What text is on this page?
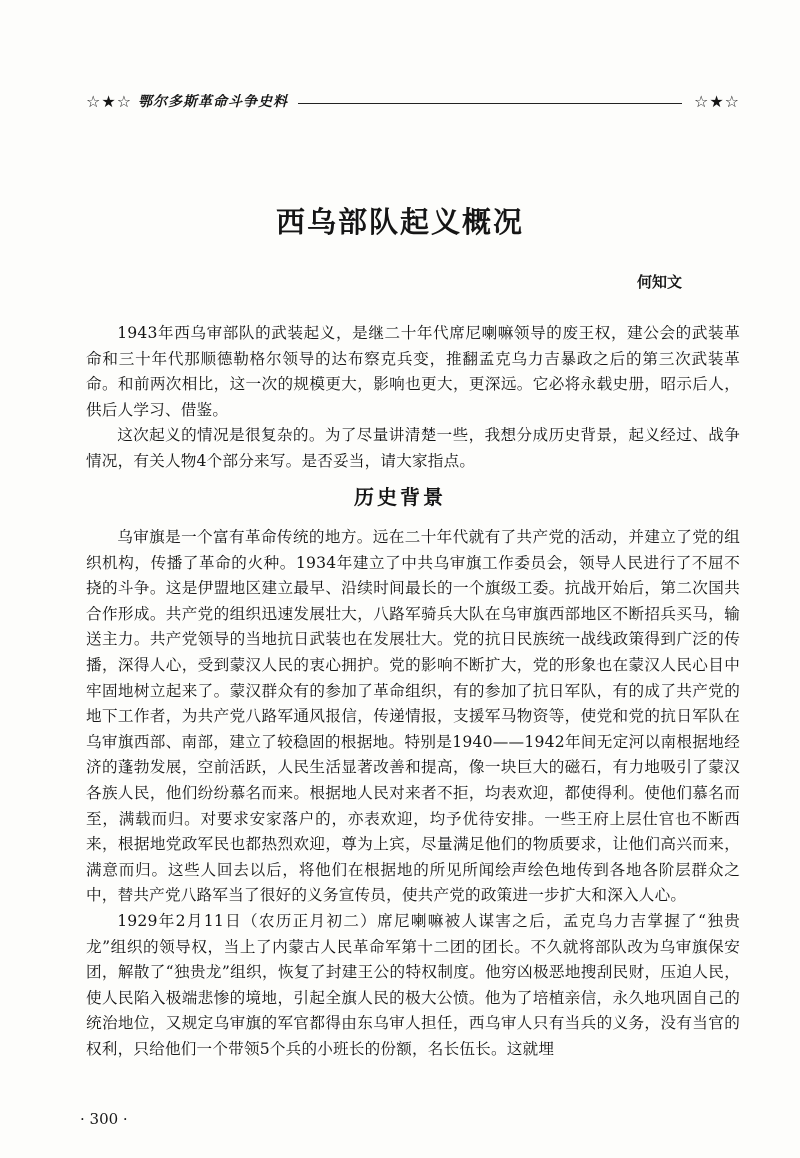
☆★☆ 鄂尔多斯革命斗争史料	☆★☆
西乌部队起义概况
何知文

1943年西乌审部队的武装起义，是继二十年代席尼喇嘛领导的废王权，建公会的武装革命和三十年代那顺德勒格尔领导的达布察克兵变，推翻孟克乌力吉暴政之后的第三次武装革命。和前两次相比，这一次的规模更大，影响也更大，更深远。它必将永载史册，昭示后人，供后人学习、借鉴。

这次起义的情况是很复杂的。为了尽量讲清楚一些，我想分成历史背景，起义经过、战争情况，有关人物4个部分来写。是否妥当，请大家指点。

历史背景

乌审旗是一个富有革命传统的地方。远在二十年代就有了共产党的活动，并建立了党的组织机构，传播了革命的火种。1934年建立了中共乌审旗工作委员会，领导人民进行了不屈不挠的斗争。这是伊盟地区建立最早、沿续时间最长的一个旗级工委。抗战开始后，第二次国共合作形成。共产党的组织迅速发展壮大，八路军骑兵大队在乌审旗西部地区不断招兵买马，输送主力。共产党领导的当地抗日武装也在发展壮大。党的抗日民族统一战线政策得到广泛的传播，深得人心，受到蒙汉人民的衷心拥护。党的影响不断扩大，党的形象也在蒙汉人民心目中牢固地树立起来了。蒙汉群众有的参加了革命组织，有的参加了抗日军队，有的成了共产党的地下工作者，为共产党八路军通风报信，传递情报，支援军马物资等，使党和党的抗日军队在乌审旗西部、南部，建立了较稳固的根据地。特别是1940——1942年间无定河以南根据地经济的蓬勃发展，空前活跃，人民生活显著改善和提高，像一块巨大的磁石，有力地吸引了蒙汉各族人民，他们纷纷慕名而来。根据地人民对来者不拒，均表欢迎，都使得利。使他们慕名而至，满载而归。对要求安家落户的，亦表欢迎，均予优待安排。一些王府上层仕官也不断西来，根据地党政军民也都热烈欢迎，尊为上宾，尽量满足他们的物质要求，让他们高兴而来，满意而归。这些人回去以后，将他们在根据地的所见所闻绘声绘色地传到各地各阶层群众之中，替共产党八路军当了很好的义务宣传员，使共产党的政策进一步扩大和深入人心。

1929年2月11日（农历正月初二）席尼喇嘛被人谋害之后，孟克乌力吉掌握了“独贵龙”组织的领导权，当上了内蒙古人民革命军第十二团的团长。不久就将部队改为乌审旗保安团，解散了“独贵龙”组织，恢复了封建王公的特权制度。他穷凶极恶地搜刮民财，压迫人民，使人民陷入极端悲惨的境地，引起全旗人民的极大公愤。他为了培植亲信，永久地巩固自己的统治地位，又规定乌审旗的军官都得由东乌审人担任，西乌审人只有当兵的义务，没有当官的权利，只给他们一个带领5个兵的小班长的份额，名长伍长。这就埋

· 300 ·
